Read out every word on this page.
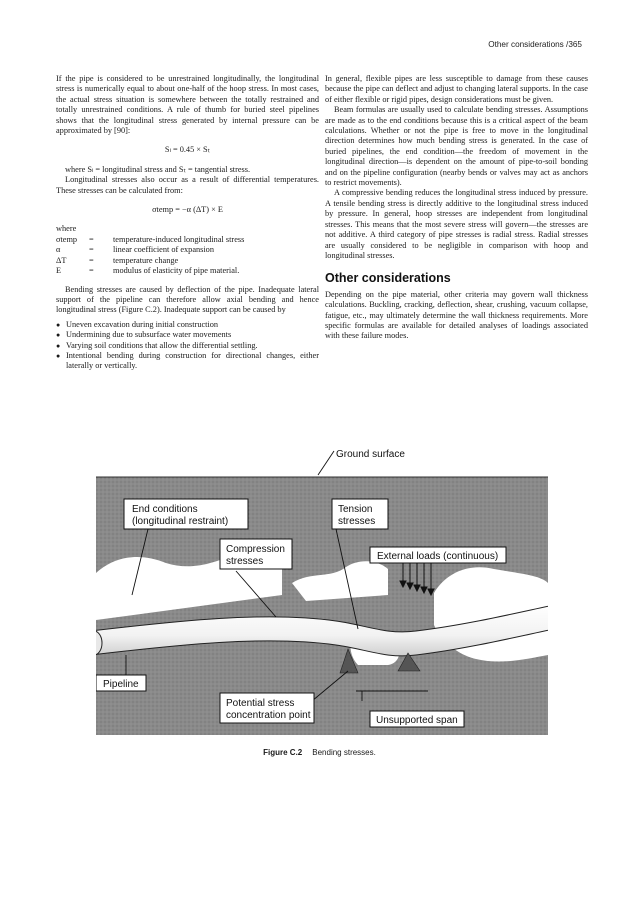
Other considerations /365

If the pipe is considered to be unrestrained longitudinally, the longitudinal stress is numerically equal to about one-half of the hoop stress. In most cases, the actual stress situation is somewhere between the totally restrained and totally unrestrained conditions. A rule of thumb for buried steel pipelines shows that the longitudinal stress generated by internal pressure can be approximated by [90]:

Sₗ = 0.45 × Sₜ

where Sₗ = longitudinal stress and Sₜ = tangential stress.

Longitudinal stresses also occur as a result of differential temperatures. These stresses can be calculated from:

σtemp = −α (ΔT) × E
where
σtemp	=	temperature-induced longitudinal stress
α	=	linear coefficient of expansion
ΔT	=	temperature change
E	=	modulus of elasticity of pipe material.

Bending stresses are caused by deflection of the pipe. Inadequate lateral support of the pipeline can therefore allow axial bending and hence longitudinal stress (Figure C.2). Inadequate support can be caused by

● Uneven excavation during initial construction
● Undermining due to subsurface water movements
● Varying soil conditions that allow the differential settling.
● Intentional bending during construction for directional changes, either laterally or vertically.

In general, flexible pipes are less susceptible to damage from these causes because the pipe can deflect and adjust to changing lateral supports. In the case of either flexible or rigid pipes, design considerations must be given.

Beam formulas are usually used to calculate bending stresses. Assumptions are made as to the end conditions because this is a critical aspect of the beam calculations. Whether or not the pipe is free to move in the longitudinal direction determines how much bending stress is generated. In the case of buried pipelines, the end condition—the freedom of movement in the longitudinal direction—is dependent on the amount of pipe-to-soil bonding and on the pipeline configuration (nearby bends or valves may act as anchors to restrict movements).

A compressive bending reduces the longitudinal stress induced by pressure. A tensile bending stress is directly additive to the longitudinal stress induced by pressure. In general, hoop stresses are independent from longitudinal stresses. This means that the most severe stress will govern—the stresses are not additive. A third category of pipe stresses is radial stress. Radial stresses are usually considered to be negligible in comparison with hoop and longitudinal stresses.

Other considerations

Depending on the pipe material, other criteria may govern wall thickness calculations. Buckling, cracking, deflection, shear, crushing, vacuum collapse, fatigue, etc., may ultimately determine the wall thickness requirements. More specific formulas are available for detailed analyses of loadings associated with these failure modes.

End conditions
(longitudinal restraint)
Tension
stresses
Compression
stresses	External loads (continuous)
Pipeline
Potential stress
concentration point	Unsupported span
Ground surface
Figure C.2 Bending stresses.
